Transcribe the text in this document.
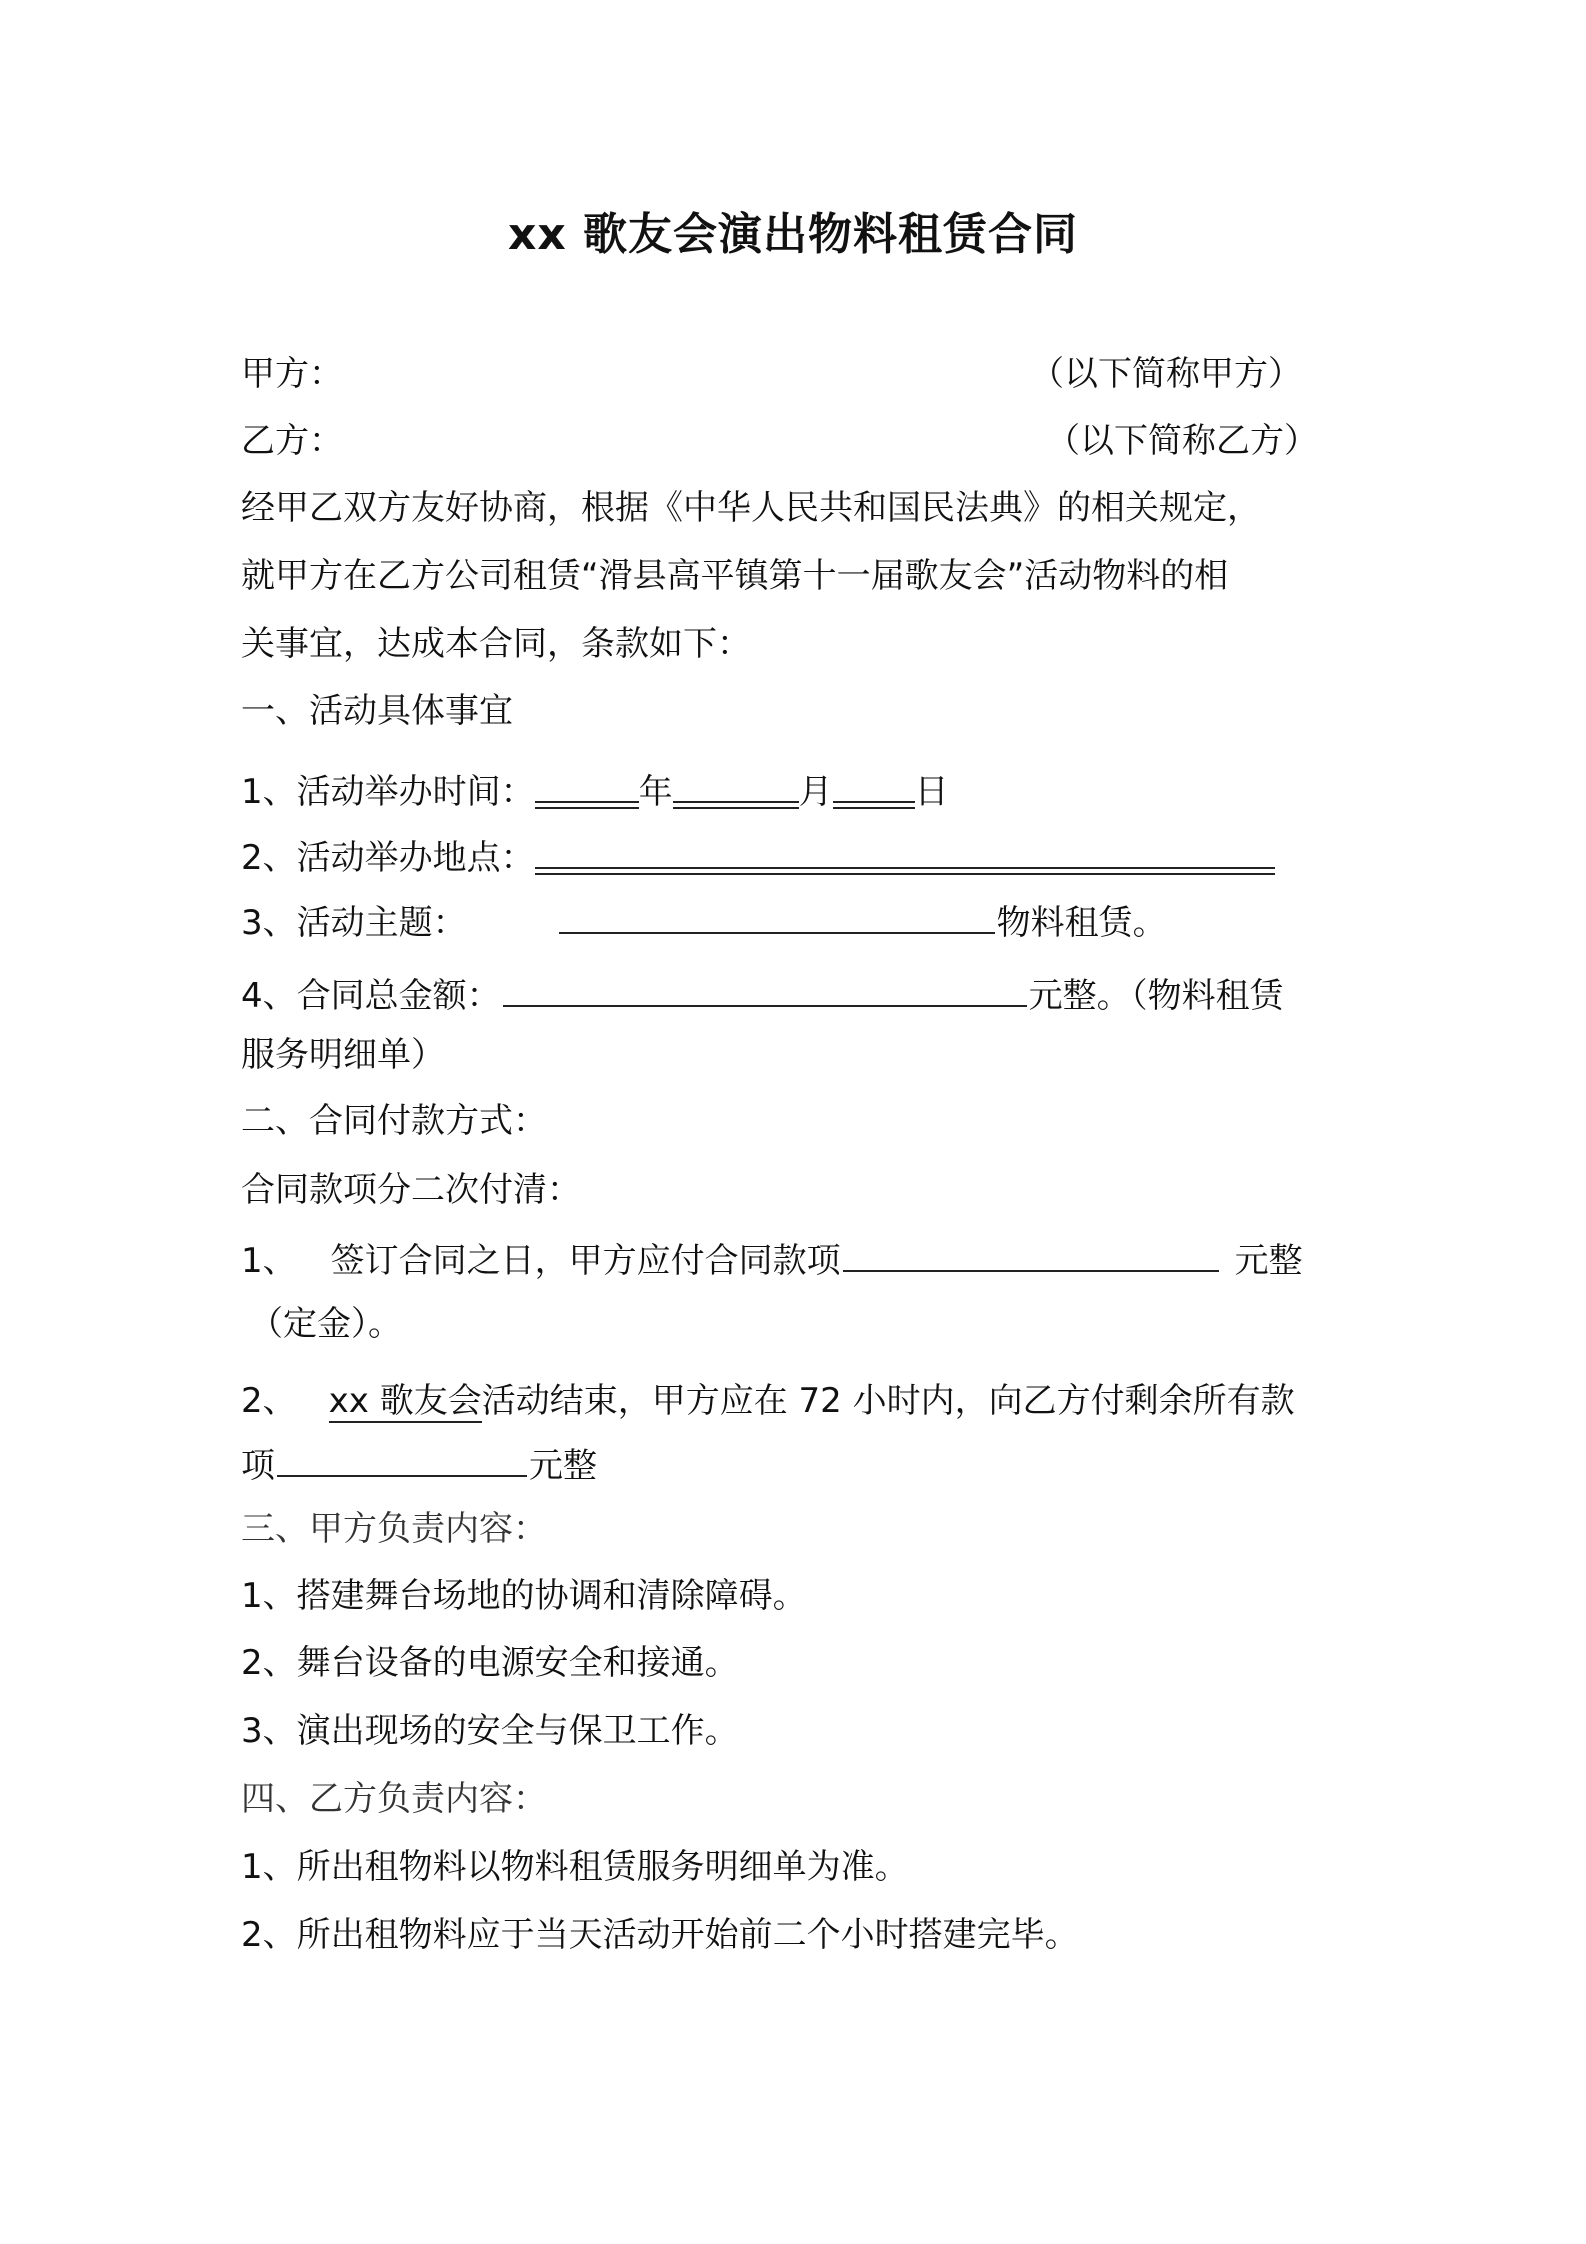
xx 歌友会演出物料租赁合同
甲方：	（以下简称甲方）
乙方：	（以下简称乙方）
经甲乙双方友好协商，根据《中华人民共和国民法典》的相关规定，
就甲方在乙方公司租赁“滑县高平镇第十一届歌友会”活动物料的相
关事宜，达成本合同，条款如下：
一、活动具体事宜
1、活动举办时间：	年	月 日
2、活动举办地点：
3、活动主题：	物料租赁。
4、合同总金额：	元整。（物料租赁
服务明细单）
二、合同付款方式：
合同款项分二次付清：
1、 签订合同之日，甲方应付合同款项	元整
（定金）。
2、 xx 歌友会活动结束，甲方应在 72 小时内，向乙方付剩余所有款
项	元整
三、甲方负责内容：
1、搭建舞台场地的协调和清除障碍。
2、舞台设备的电源安全和接通。
3、演出现场的安全与保卫工作。
四、乙方负责内容：
1、所出租物料以物料租赁服务明细单为准。
2、所出租物料应于当天活动开始前二个小时搭建完毕。
